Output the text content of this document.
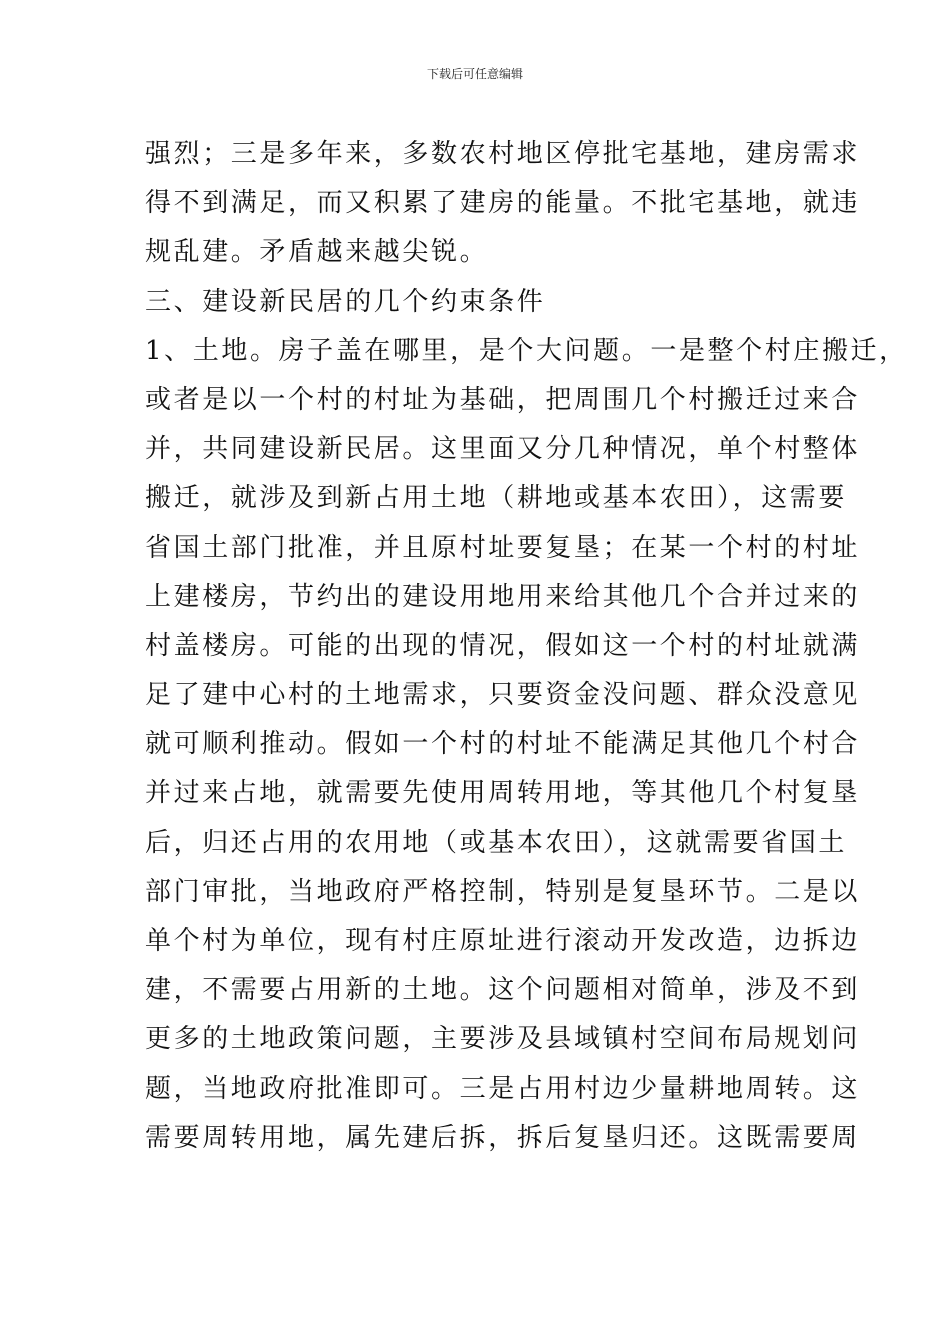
下载后可任意编辑
强烈；三是多年来，多数农村地区停批宅基地，建房需求
得不到满足，而又积累了建房的能量。不批宅基地，就违
规乱建。矛盾越来越尖锐。
三、建设新民居的几个约束条件
1、土地。房子盖在哪里，是个大问题。一是整个村庄搬迁，
或者是以一个村的村址为基础，把周围几个村搬迁过来合
并，共同建设新民居。这里面又分几种情况，单个村整体
搬迁，就涉及到新占用土地（耕地或基本农田），这需要
省国土部门批准，并且原村址要复垦；在某一个村的村址
上建楼房，节约出的建设用地用来给其他几个合并过来的
村盖楼房。可能的出现的情况，假如这一个村的村址就满
足了建中心村的土地需求，只要资金没问题、群众没意见
就可顺利推动。假如一个村的村址不能满足其他几个村合
并过来占地，就需要先使用周转用地，等其他几个村复垦
后，归还占用的农用地（或基本农田），这就需要省国土
部门审批，当地政府严格控制，特别是复垦环节。二是以
单个村为单位，现有村庄原址进行滚动开发改造，边拆边
建，不需要占用新的土地。这个问题相对简单，涉及不到
更多的土地政策问题，主要涉及县域镇村空间布局规划问
题，当地政府批准即可。三是占用村边少量耕地周转。这
需要周转用地，属先建后拆，拆后复垦归还。这既需要周
